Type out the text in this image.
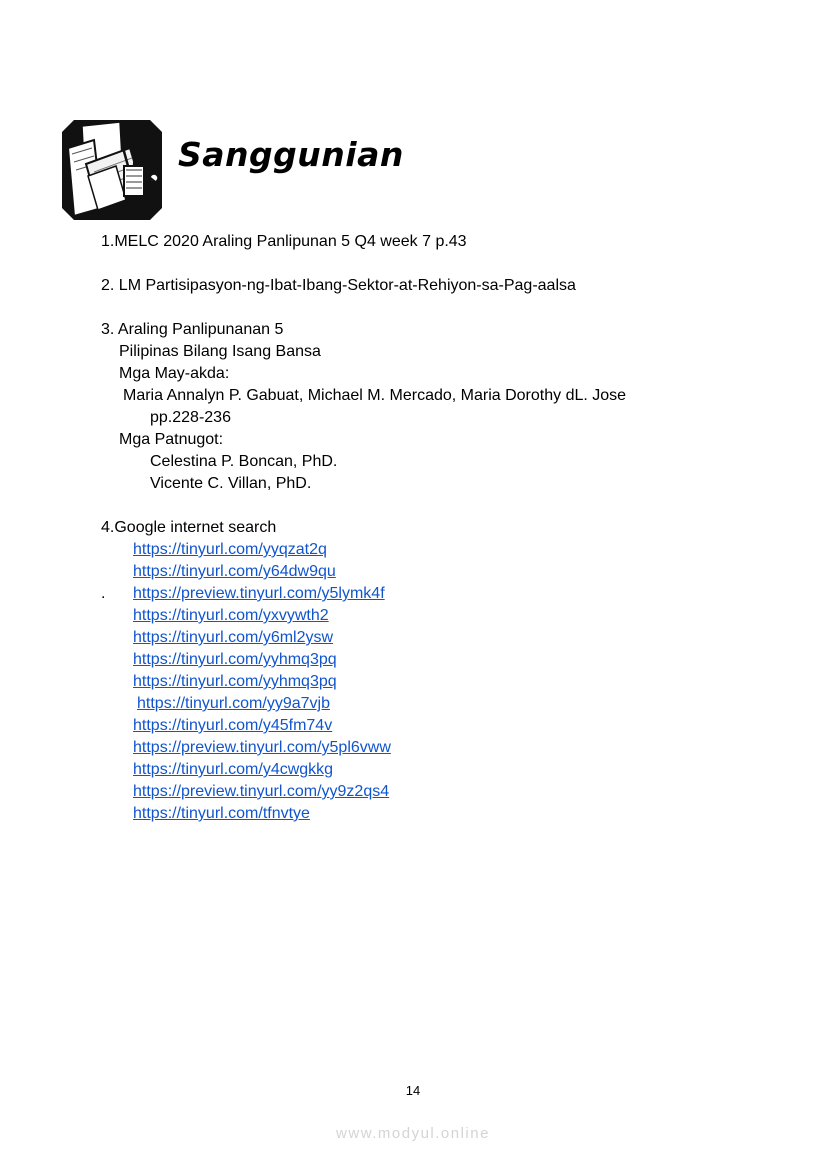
Sanggunian
1.MELC 2020 Araling Panlipunan 5 Q4 week 7 p.43
2. LM Partisipasyon-ng-Ibat-Ibang-Sektor-at-Rehiyon-sa-Pag-aalsa
3. Araling Panlipunanan 5
Pilipinas Bilang Isang Bansa
Mga May-akda:
Maria Annalyn P. Gabuat, Michael M. Mercado, Maria Dorothy dL. Jose
pp.228-236
Mga Patnugot:
Celestina P. Boncan, PhD.
Vicente C. Villan, PhD.
4.Google internet search
https://tinyurl.com/yyqzat2q
https://tinyurl.com/y64dw9qu
. https://preview.tinyurl.com/y5lymk4f
https://tinyurl.com/yxvywth2
https://tinyurl.com/y6ml2ysw
https://tinyurl.com/yyhmq3pq
https://tinyurl.com/yyhmq3pq
https://tinyurl.com/yy9a7vjb
https://tinyurl.com/y45fm74v
https://preview.tinyurl.com/y5pl6vww
https://tinyurl.com/y4cwgkkg
https://preview.tinyurl.com/yy9z2qs4
https://tinyurl.com/tfnvtye
14
www.modyul.online
